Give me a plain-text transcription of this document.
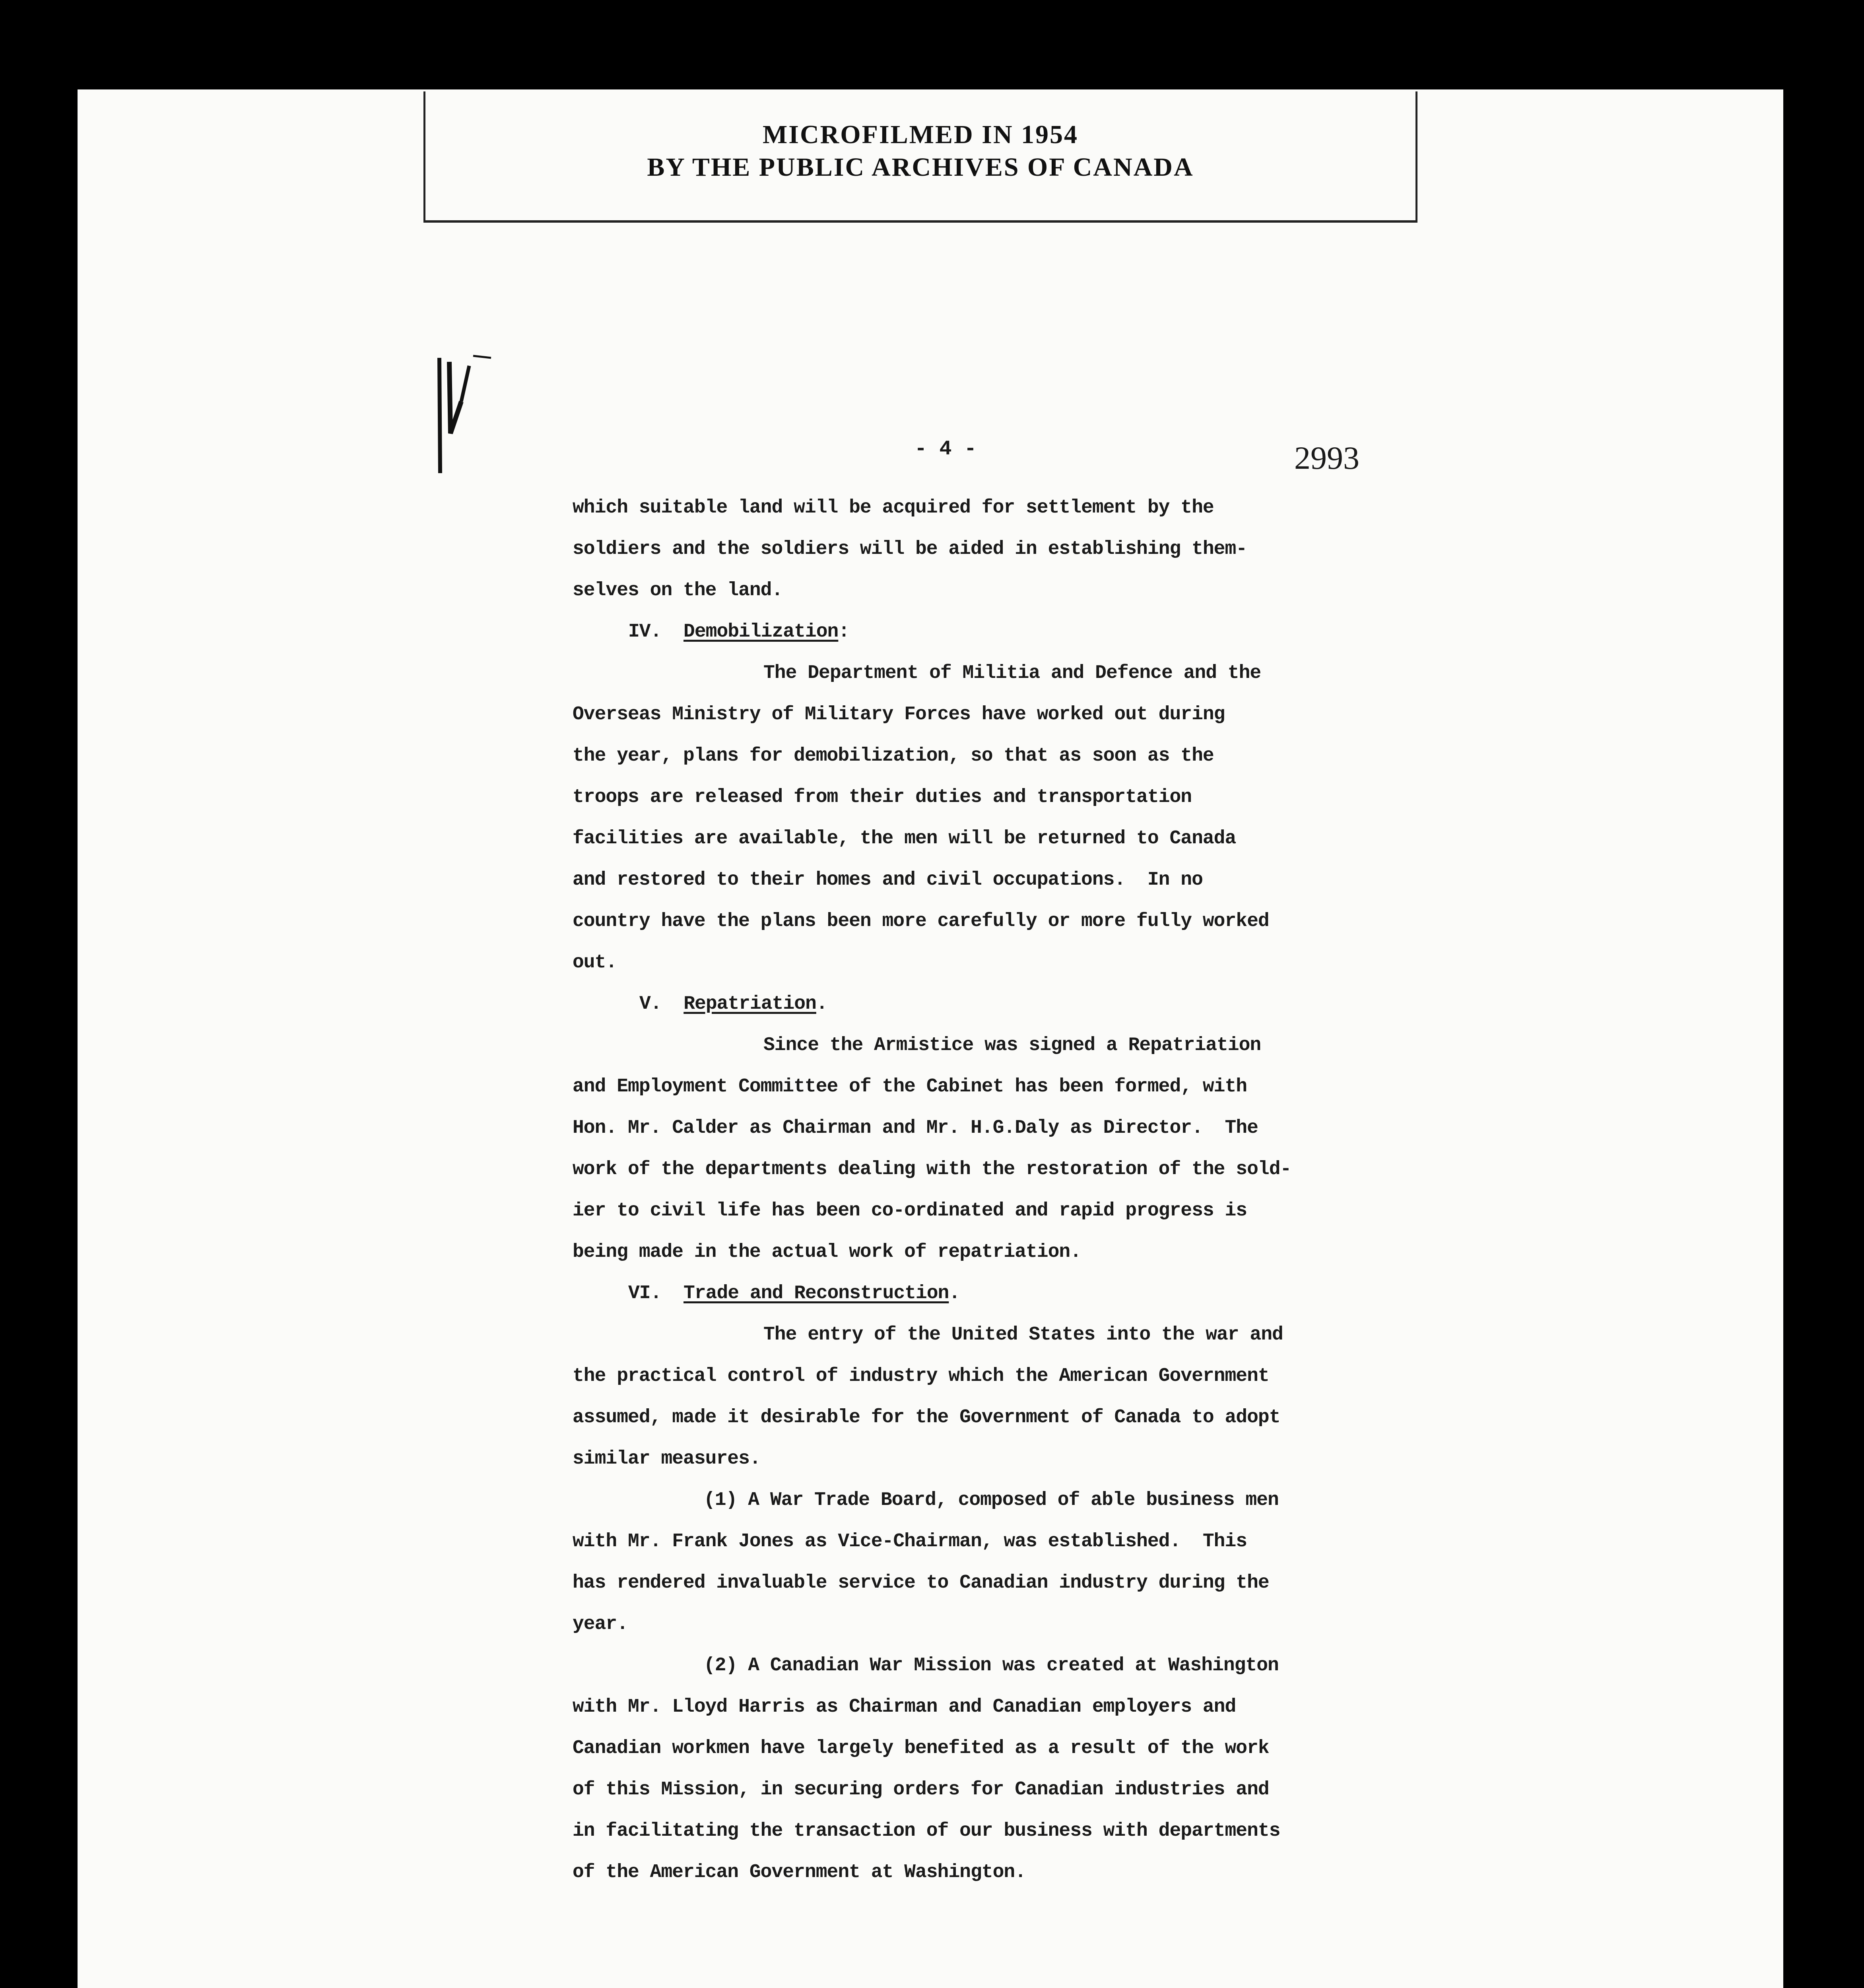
MICROFILMED IN 1954
BY THE PUBLIC ARCHIVES OF CANADA
- 4 -	2993
which suitable land will be acquired for settlement by the
soldiers and the soldiers will be aided in establishing them-
selves on the land.
IV. Demobilization:
The Department of Militia and Defence and the
Overseas Ministry of Military Forces have worked out during
the year, plans for demobilization, so that as soon as the
troops are released from their duties and transportation
facilities are available, the men will be returned to Canada
and restored to their homes and civil occupations.  In no
country have the plans been more carefully or more fully worked
out.
V. Repatriation.
Since the Armistice was signed a Repatriation
and Employment Committee of the Cabinet has been formed, with
Hon. Mr. Calder as Chairman and Mr. H.G.Daly as Director.  The
work of the departments dealing with the restoration of the sold-
ier to civil life has been co-ordinated and rapid progress is
being made in the actual work of repatriation.
VI. Trade and Reconstruction.
The entry of the United States into the war and
the practical control of industry which the American Government
assumed, made it desirable for the Government of Canada to adopt
similar measures.
(1) A War Trade Board, composed of able business men
with Mr. Frank Jones as Vice-Chairman, was established.  This
has rendered invaluable service to Canadian industry during the
year.
(2) A Canadian War Mission was created at Washington
with Mr. Lloyd Harris as Chairman and Canadian employers and
Canadian workmen have largely benefited as a result of the work
of this Mission, in securing orders for Canadian industries and
in facilitating the transaction of our business with departments
of the American Government at Washington.
